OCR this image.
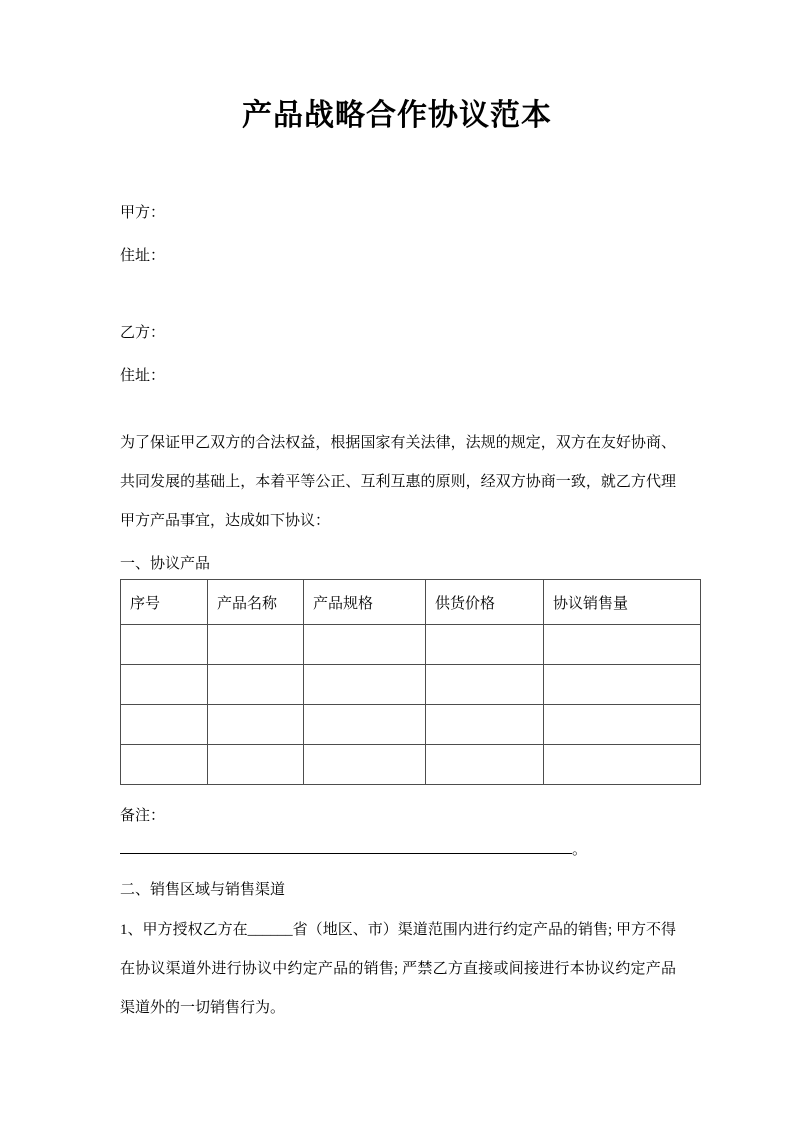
产品战略合作协议范本

甲方：

住址：

乙方：

住址：

为了保证甲乙双方的合法权益，根据国家有关法律，法规的规定，双方在友好协商、共同发展的基础上，本着平等公正、互利互惠的原则，经双方协商一致，就乙方代理甲方产品事宜，达成如下协议：

一、协议产品

序号	产品名称	产品规格	供货价格	协议销售量

备注：

。

二、销售区域与销售渠道

1、甲方授权乙方在______省（地区、市）渠道范围内进行约定产品的销售; 甲方不得在协议渠道外进行协议中约定产品的销售; 严禁乙方直接或间接进行本协议约定产品渠道外的一切销售行为。
